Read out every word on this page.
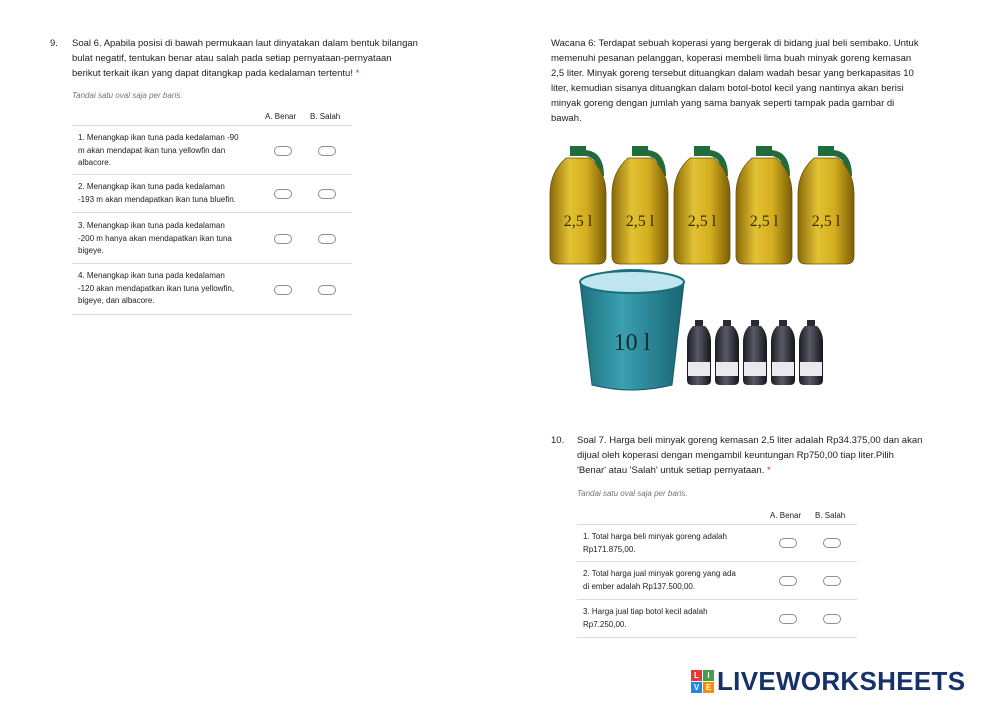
9. Soal 6. Apabila posisi di bawah permukaan laut dinyatakan dalam bentuk bilangan
bulat negatif, tentukan benar atau salah pada setiap pernyataan-pernyataan
berikut terkait ikan yang dapat ditangkap pada kedalaman tertentu! *
Tandai satu oval saja per baris.
A. Benar B. Salah
1. Menangkap ikan tuna pada kedalaman -90
m akan mendapat ikan tuna yellowfin dan
albacore.
2. Menangkap ikan tuna pada kedalaman
-193 m akan mendapatkan ikan tuna bluefin.
3. Menangkap ikan tuna pada kedalaman
-200 m hanya akan mendapatkan ikan tuna
bigeye.
4. Menangkap ikan tuna pada kedalaman
-120 akan mendapatkan ikan tuna yellowfin,
bigeye, dan albacore.
Wacana 6: Terdapat sebuah koperasi yang bergerak di bidang jual beli sembako. Untuk
memenuhi pesanan pelanggan, koperasi membeli lima buah minyak goreng kemasan
2,5 liter. Minyak goreng tersebut dituangkan dalam wadah besar yang berkapasitas 10
liter, kemudian sisanya dituangkan dalam botol-botol kecil yang nantinya akan berisi
minyak goreng dengan jumlah yang sama banyak seperti tampak pada gambar di
bawah.
2,5 l 2,5 l 2,5 l 2,5 l 2,5 l
10 l
10. Soal 7. Harga beli minyak goreng kemasan 2,5 liter adalah Rp34.375,00 dan akan
dijual oleh koperasi dengan mengambil keuntungan Rp750,00 tiap liter.Pilih
'Benar' atau 'Salah' untuk setiap pernyataan. *
Tandai satu oval saja per baris.
A. Benar B. Salah
1. Total harga beli minyak goreng adalah
Rp171.875,00.
2. Total harga jual minyak goreng yang ada
di ember adalah Rp137.500,00.
3. Harga jual tiap botol kecil adalah
Rp7.250,00.
L	I
V E LIVEWORKSHEETS
